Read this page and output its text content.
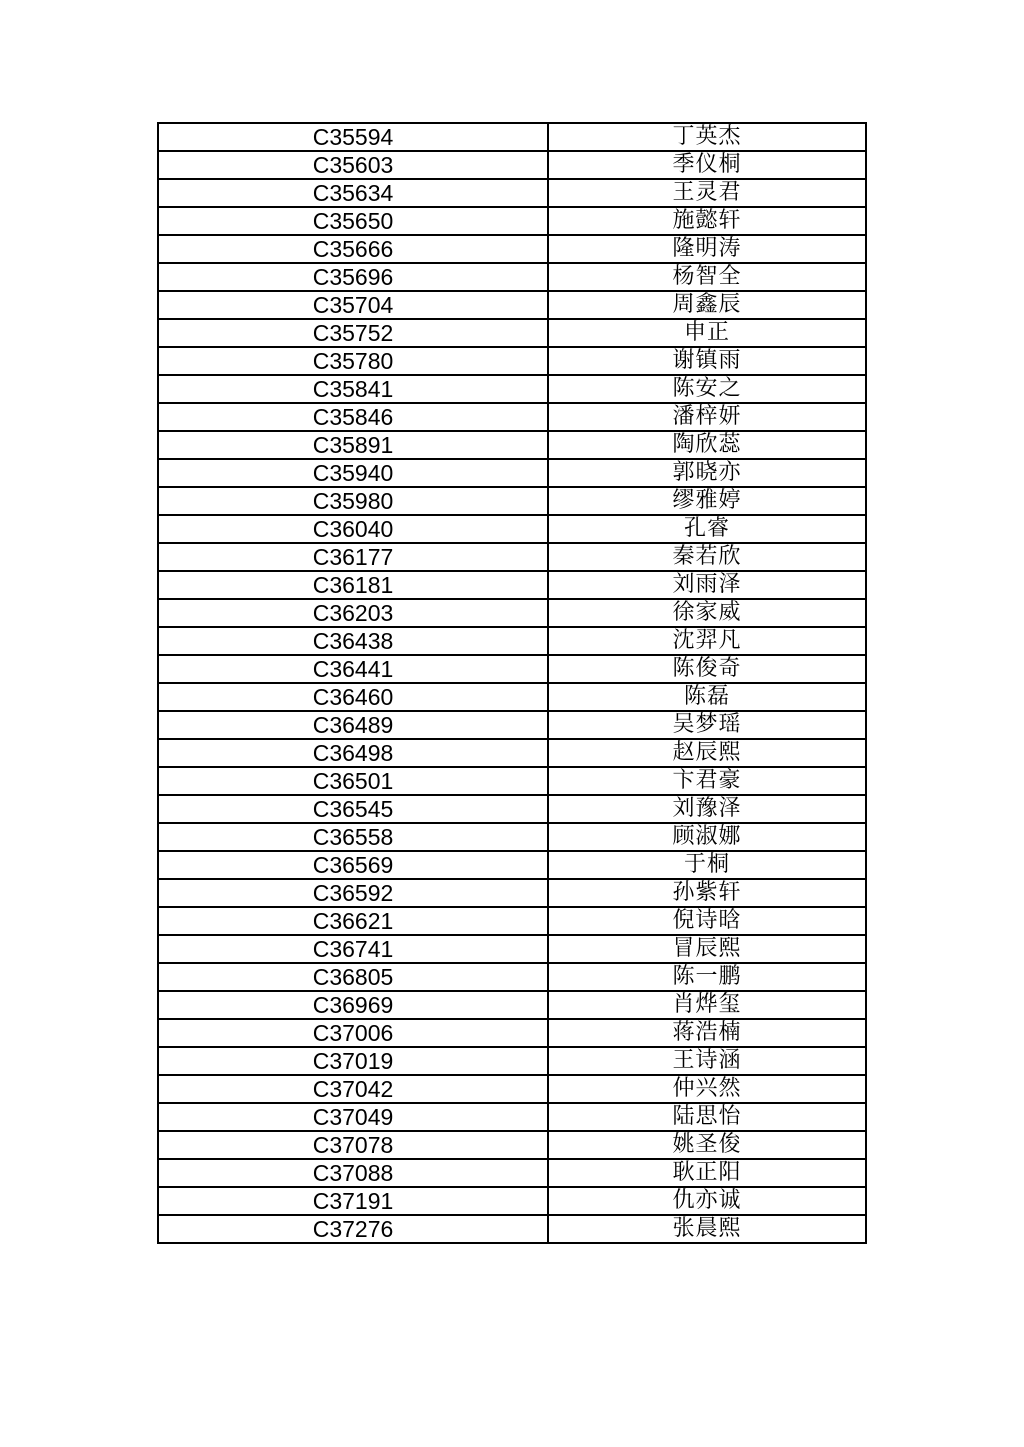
C35594	丁英杰
C35603	季仪桐
C35634	王灵君
C35650	施懿轩
C35666	隆明涛
C35696	杨智全
C35704	周鑫辰
C35752	申正
C35780	谢镇雨
C35841	陈安之
C35846	潘梓妍
C35891	陶欣蕊
C35940	郭晓亦
C35980	缪雅婷
C36040	孔睿
C36177	秦若欣
C36181	刘雨泽
C36203	徐家威
C36438	沈羿凡
C36441	陈俊奇
C36460	陈磊
C36489	吴梦瑶
C36498	赵辰熙
C36501	卞君豪
C36545	刘豫泽
C36558	顾淑娜
C36569	于桐
C36592	孙紫轩
C36621	倪诗晗
C36741	冒辰熙
C36805	陈一鹏
C36969	肖烨玺
C37006	蒋浩楠
C37019	王诗涵
C37042	仲兴然
C37049	陆思怡
C37078	姚圣俊
C37088	耿正阳
C37191	仇亦诚
C37276	张晨熙
